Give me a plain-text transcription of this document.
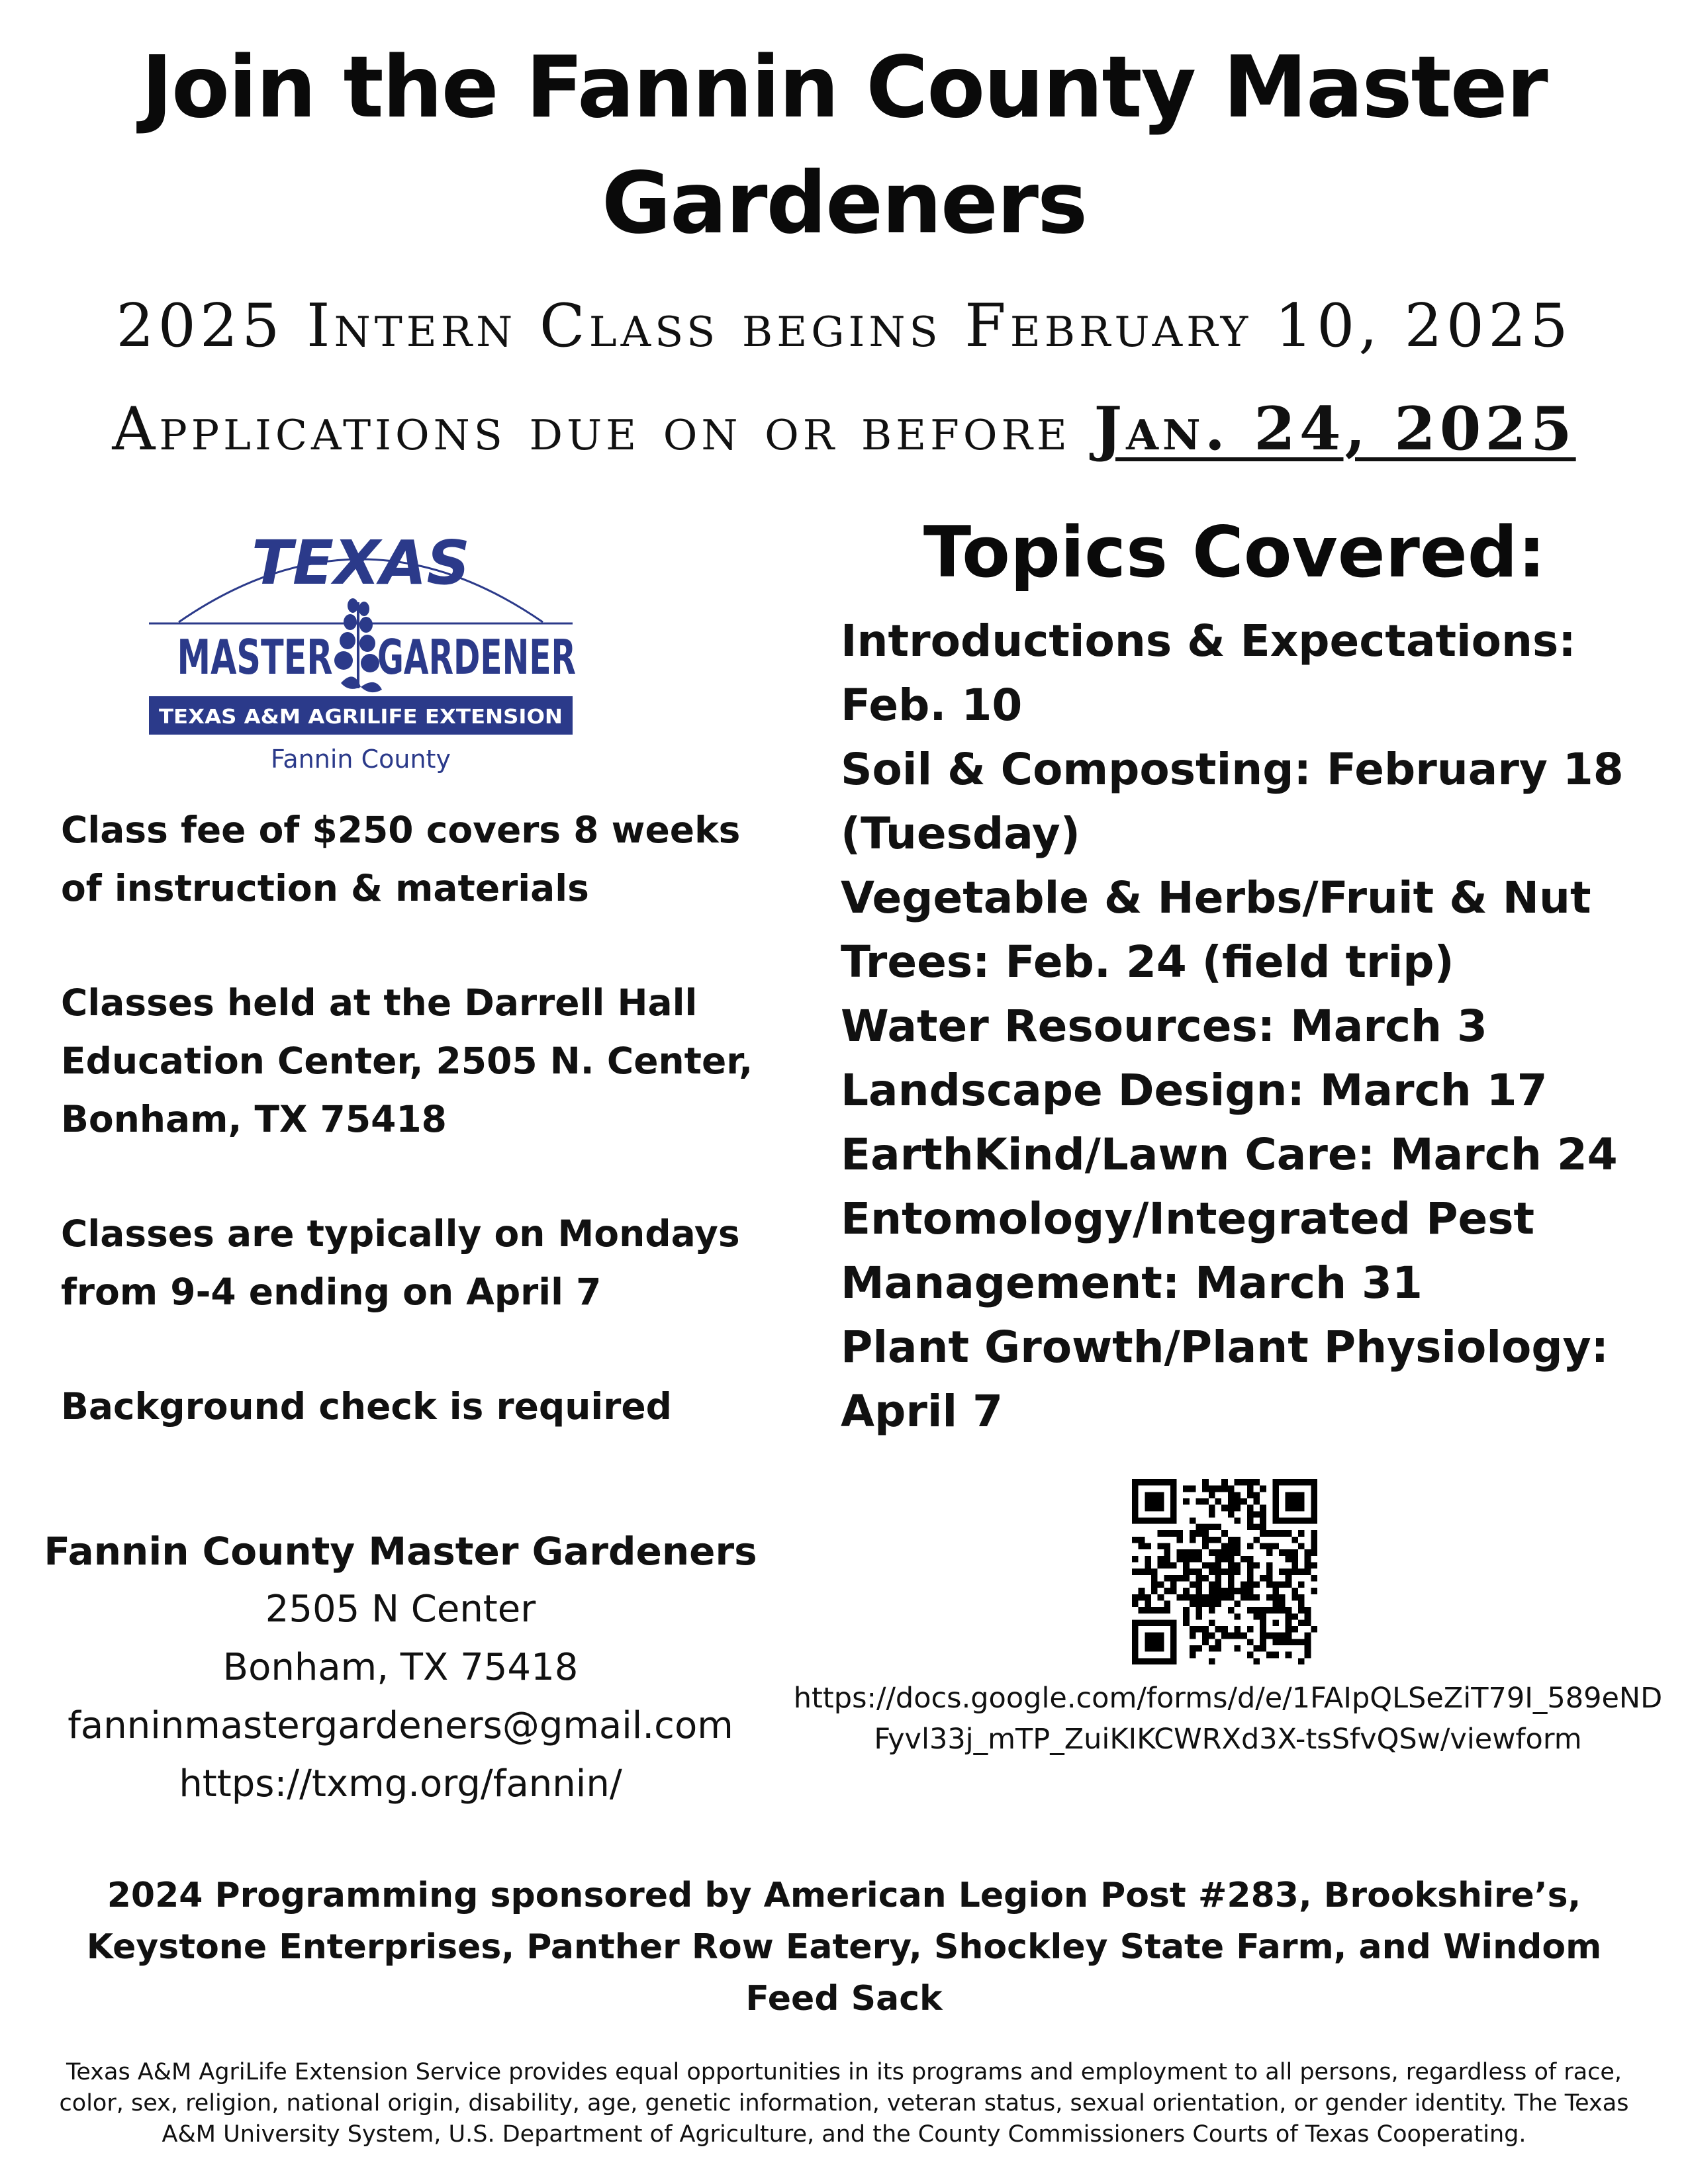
Join the Fannin County Master Gardeners
2025 Intern Class begins February 10, 2025
Applications due on or before Jan. 24, 2025
TEXAS
MASTER GARDENER
TEXAS A&M AGRILIFE EXTENSION
Fannin County

Class fee of $250 covers 8 weeks of instruction & materials

Classes held at the Darrell Hall Education Center, 2505 N. Center, Bonham, TX 75418

Classes are typically on Mondays from 9-4 ending on April 7

Background check is required

Topics Covered:
Introductions & Expectations: Feb. 10
Soil & Composting: February 18 (Tuesday)
Vegetable & Herbs/Fruit & Nut Trees: Feb. 24 (field trip)
Water Resources: March 3
Landscape Design: March 17
EarthKind/Lawn Care: March 24
Entomology/Integrated Pest Management: March 31
Plant Growth/Plant Physiology: April 7
https://docs.google.com/forms/d/e/1FAIpQLSeZiT79I_589eNDFyvl33j_mTP_ZuiKIKCWRXd3X-tsSfvQSw/viewform
Fannin County Master Gardeners
2505 N Center
Bonham, TX 75418
fanninmastergardeners@gmail.com
https://txmg.org/fannin/
2024 Programming sponsored by American Legion Post #283, Brookshire’s, Keystone Enterprises, Panther Row Eatery, Shockley State Farm, and Windom Feed Sack
Texas A&M AgriLife Extension Service provides equal opportunities in its programs and employment to all persons, regardless of race, color, sex, religion, national origin, disability, age, genetic information, veteran status, sexual orientation, or gender identity. The Texas A&M University System, U.S. Department of Agriculture, and the County Commissioners Courts of Texas Cooperating.
